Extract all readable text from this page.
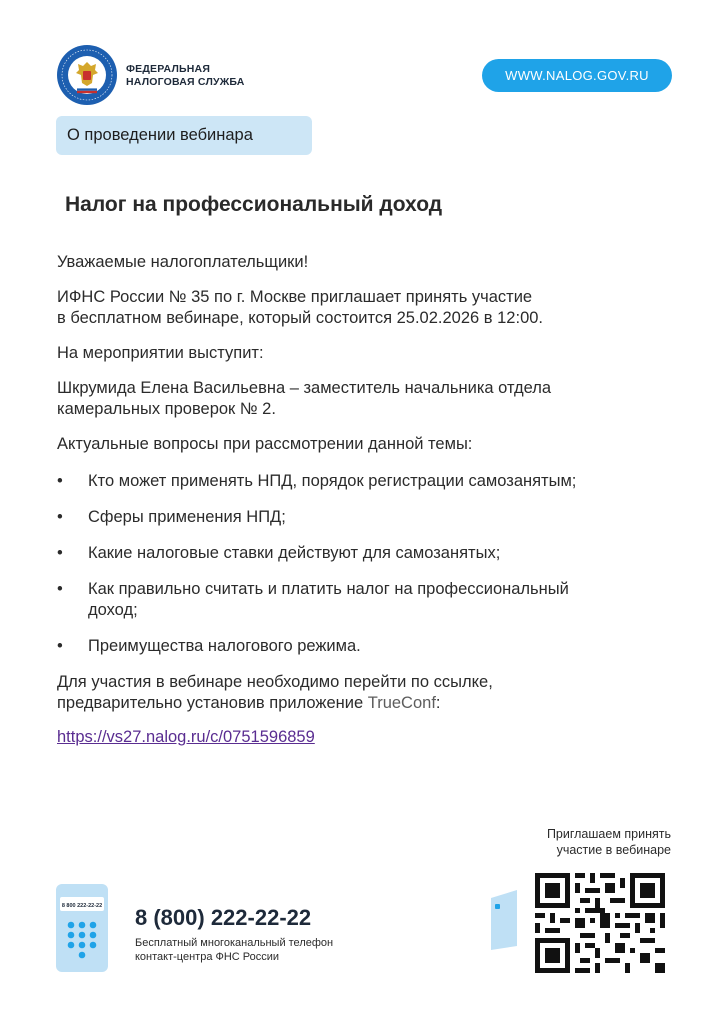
ФЕДЕРАЛЬНАЯ
НАЛОГОВАЯ СЛУЖБА	WWW.NALOG.GOV.RU
О проведении вебинара
Налог на профессиональный доход
Уважаемые налогоплательщики!
ИФНС России № 35 по г. Москве приглашает принять участие
в бесплатном вебинаре, который состоится 25.02.2026 в 12:00.
На мероприятии выступит:
Шкрумида Елена Васильевна – заместитель начальника отдела
камеральных проверок № 2.
Актуальные вопросы при рассмотрении данной темы:
• Кто может применять НПД, порядок регистрации самозанятым;
• Сферы применения НПД;
• Какие налоговые ставки действуют для самозанятых;
• Как правильно считать и платить налог на профессиональный
доход;
• Преимущества налогового режима.
Для участия в вебинаре необходимо перейти по ссылке,
предварительно установив приложение TrueConf:
https://vs27.nalog.ru/c/0751596859
8 800 222-22-22 8 (800) 222-22-22
Бесплатный многоканальный телефон
контакт-центра ФНС России
Приглашаем принять
участие в вебинаре
